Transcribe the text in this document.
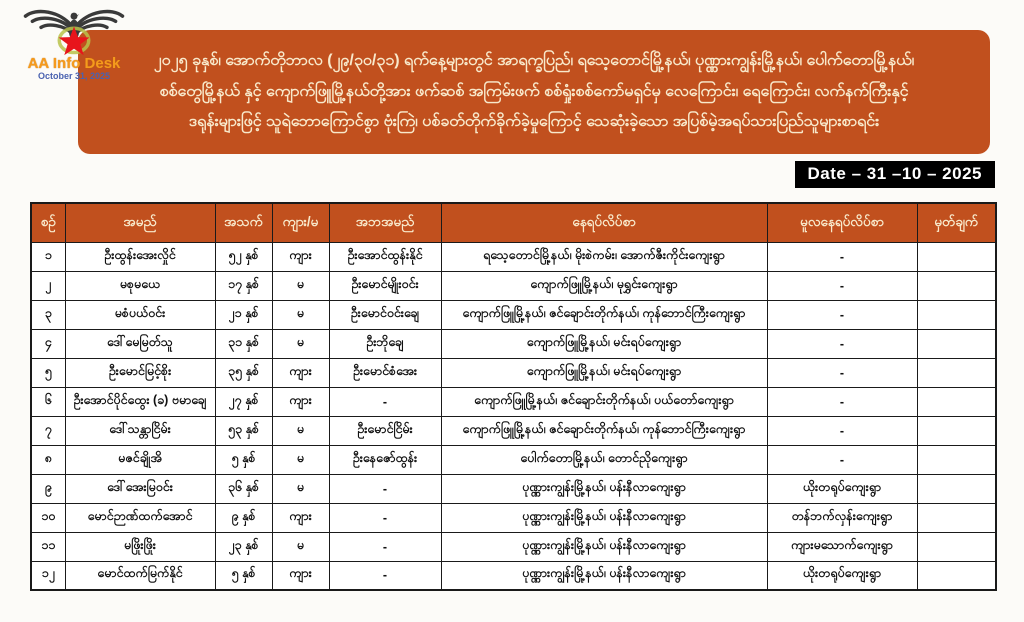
AA Info Desk
October 31, 2025
၂၀၂၅ ခုနှစ်၊ အောက်တိုဘာလ (၂၉/၃၀/၃၁) ရက်နေ့များတွင် အာရက္ခပြည်၊ ရသေ့တောင်မြို့နယ်၊ ပုဏ္ဏားကျွန်းမြို့နယ်၊ ပေါက်တောမြို့နယ်၊
စစ်တွေမြို့နယ် နှင့် ကျောက်ဖြူမြို့နယ်တို့အား ဖက်ဆစ် အကြမ်းဖက် စစ်ရှုံးစစ်ကော်မရှင်မှ လေကြောင်း၊ ရေကြောင်း၊ လက်နက်ကြီးနှင့်
ဒရုန်းများဖြင့် သူရဲဘောကြောင်စွာ ဗုံးကြဲ၊ ပစ်ခတ်တိုက်ခိုက်ခဲ့မှုကြောင့် သေဆုံးခဲ့သော အပြစ်မဲ့အရပ်သားပြည်သူများစာရင်း
Date – 31 –10 – 2025
စဉ်	အမည်	အသက်	ကျား/မ	အဘအမည်	နေရပ်လိပ်စာ	မူလနေရပ်လိပ်စာ	မှတ်ချက်
၁	ဦးထွန်းအေးလှိုင်	၅၂ နှစ်	ကျား	ဦးအောင်ထွန်းနိုင်	ရသေ့တောင်မြို့နယ်၊ မိုးစဲကမ်း၊ အောက်ဇီးကိုင်းကျေးရွာ	-	
၂	မစုမယေ	၁၇ နှစ်	မ	ဦးမောင်မျိုးဝင်း	ကျောက်ဖြူမြို့နယ်၊ မုရွှင်းကျေးရွာ	-	
၃	မစံပယ်ဝင်း	၂၁ နှစ်	မ	ဦးမောင်ဝင်းချေ	ကျောက်ဖြူမြို့နယ်၊ ဇင်ချောင်းတိုက်နယ်၊ ကုန်ဘောင်ကြီးကျေးရွာ	-	
၄	ဒေါ်မေမြတ်သူ	၃၁ နှစ်	မ	ဦးဘိုချေ	ကျောက်ဖြူမြို့နယ်၊ မင်းရပ်ကျေးရွာ	-	
၅	ဦးမောင်မြင့်စိုး	၃၅ နှစ်	ကျား	ဦးမောင်စံအေး	ကျောက်ဖြူမြို့နယ်၊ မင်းရပ်ကျေးရွာ	-	
၆	ဦးအောင်ပိုင်ထွေး (ခ) ဗမာချေ	၂၇ နှစ်	ကျား	-	ကျောက်ဖြူမြို့နယ်၊ ဇင်ချောင်းတိုက်နယ်၊ ပယ်တော်ကျေးရွာ	-	
၇	ဒေါ်သန္တာငြိမ်း	၅၃ နှစ်	မ	ဦးမောင်ငြိမ်း	ကျောက်ဖြူမြို့နယ်၊ ဇင်ချောင်းတိုက်နယ်၊ ကုန်ဘောင်ကြီးကျေးရွာ	-	
၈	မဇင်ချိုအိ	၅ နှစ်	မ	ဦးနေဇော်ထွန်း	ပေါက်တောမြို့နယ်၊ တောင်ညိုကျေးရွာ	-	
၉	ဒေါ်အေးမြဝင်း	၃၆ နှစ်	မ	-	ပုဏ္ဏားကျွန်းမြို့နယ်၊ ပန်းနီလာကျေးရွာ	ယိုးတရုပ်ကျေးရွာ	
၁၀	မောင်ဉာဏ်ထက်အောင်	၉ နှစ်	ကျား	-	ပုဏ္ဏားကျွန်းမြို့နယ်၊ ပန်းနီလာကျေးရွာ	တန်ဘက်လှန်းကျေးရွာ	
၁၁	မဖြိုးဖြိုး	၂၃ နှစ်	မ	-	ပုဏ္ဏားကျွန်းမြို့နယ်၊ ပန်းနီလာကျေးရွာ	ကျားမသောက်ကျေးရွာ	
၁၂	မောင်ထက်မြက်နိုင်	၅ နှစ်	ကျား	-	ပုဏ္ဏားကျွန်းမြို့နယ်၊ ပန်းနီလာကျေးရွာ	ယိုးတရုပ်ကျေးရွာ	
